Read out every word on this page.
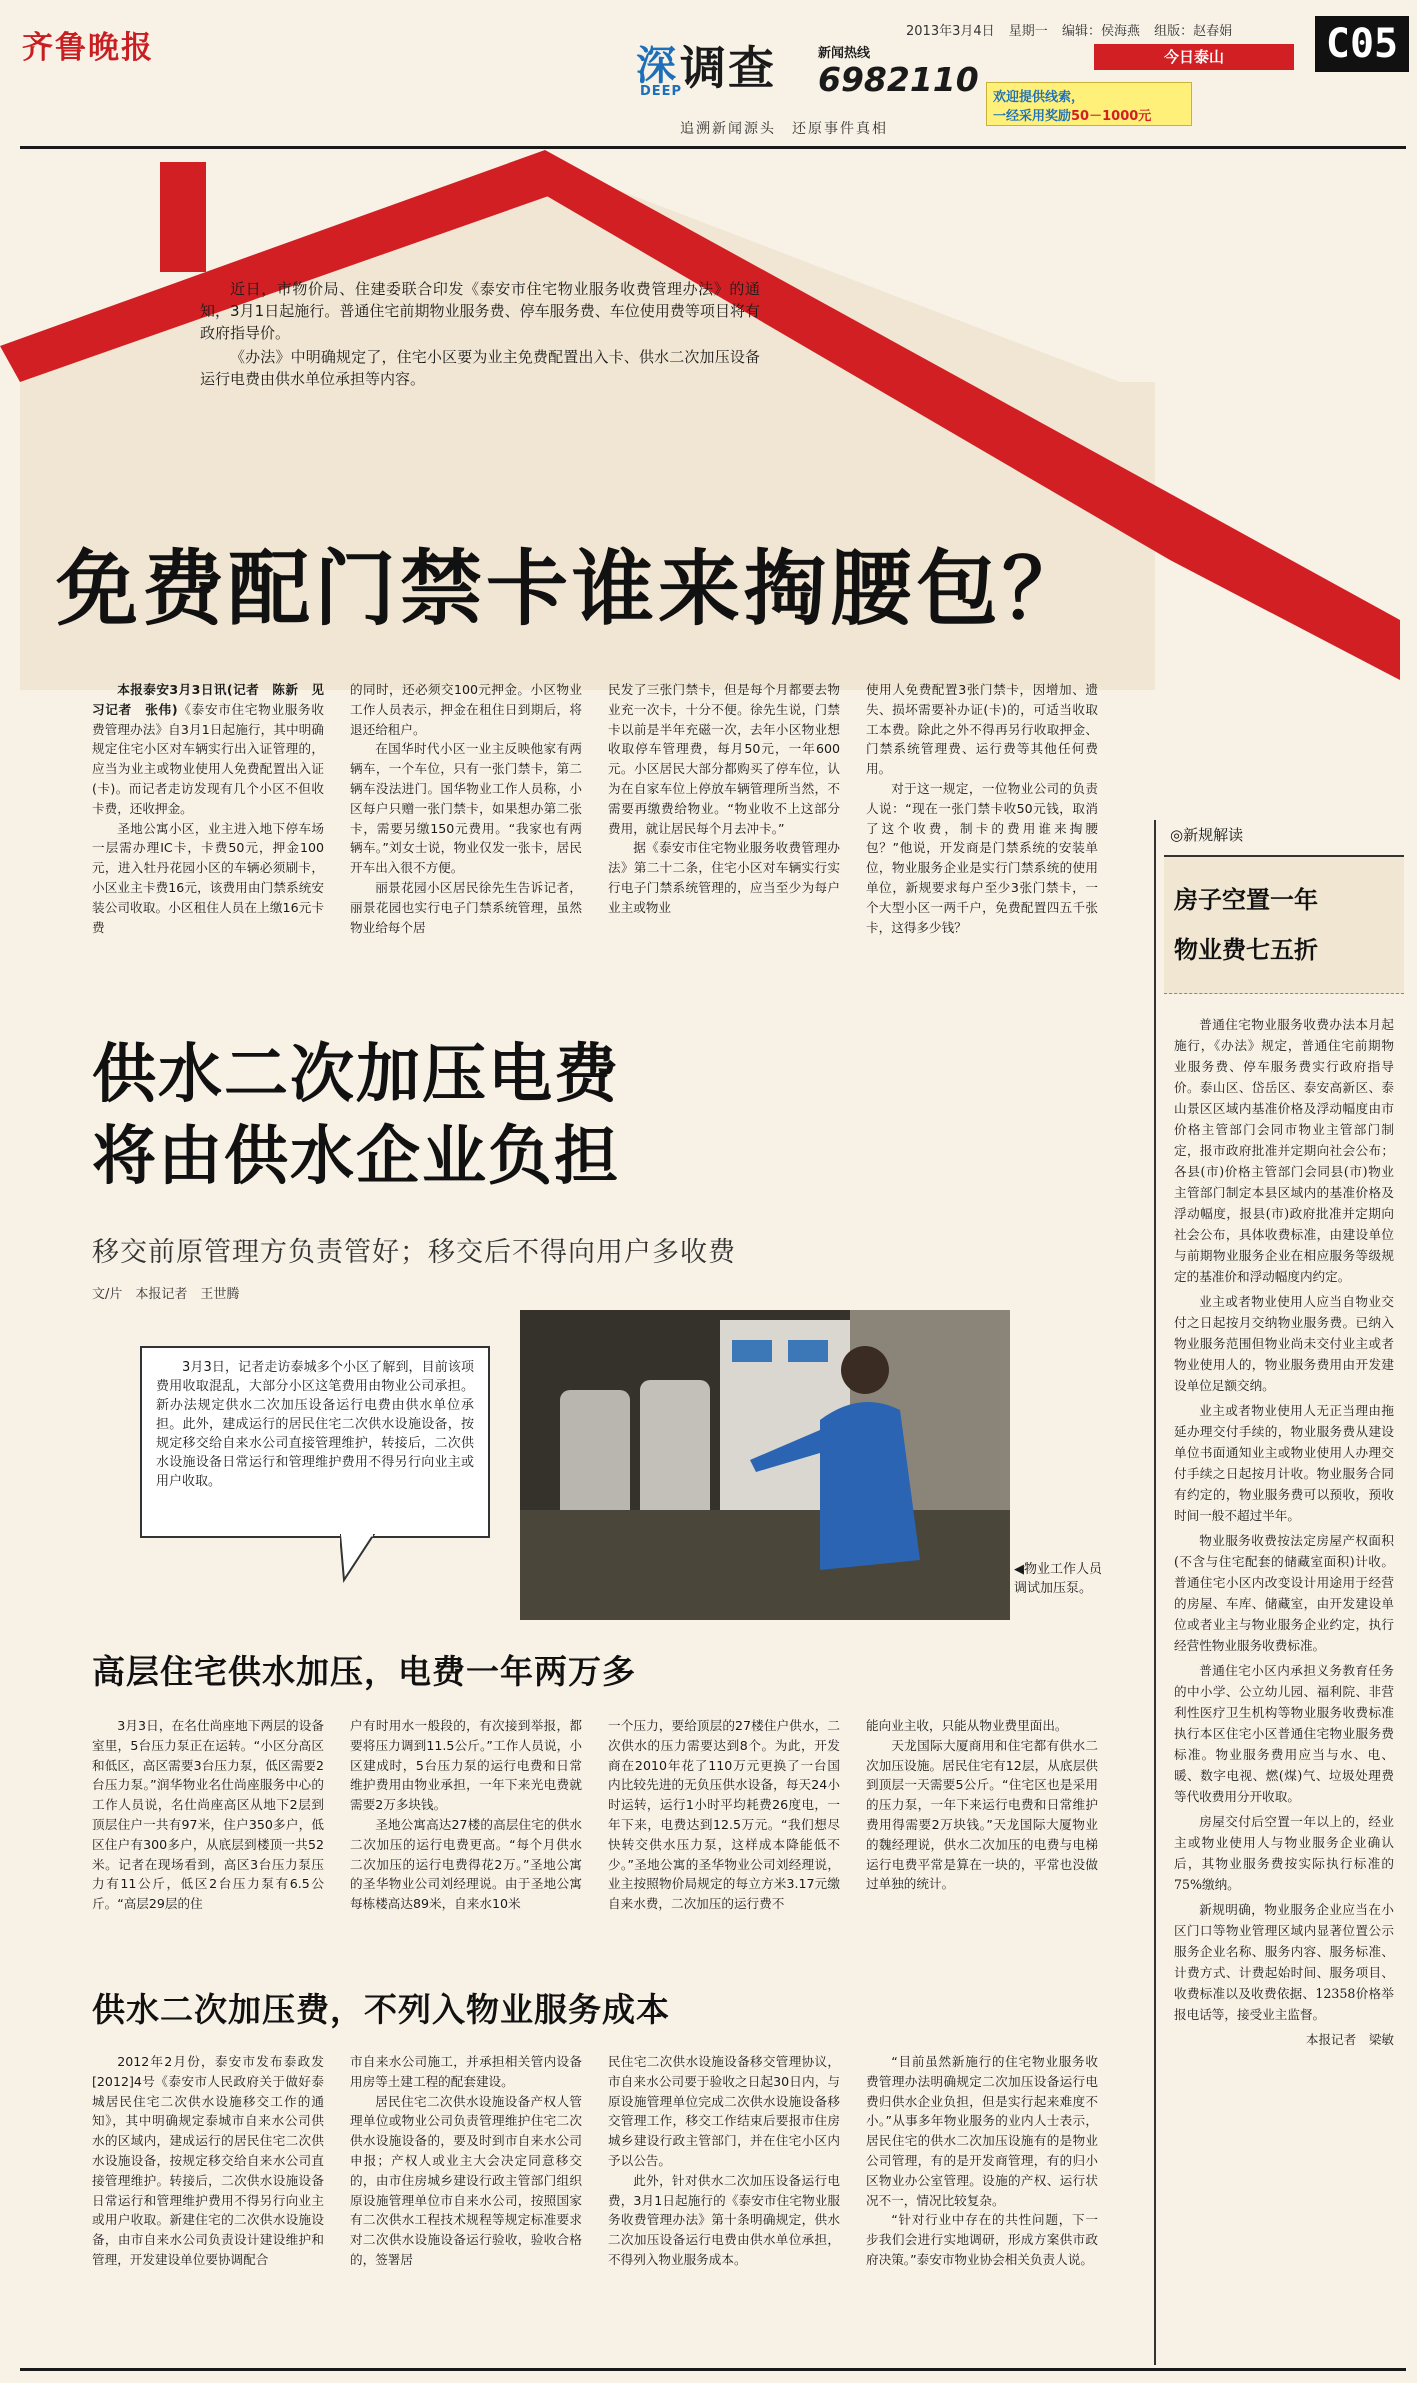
齐鲁晚报	深
DEEP
调查	新闻热线
6982110
追溯新闻源头　还原事件真相
欢迎提供线索，
一经采用奖励50－1000元
2013年3月4日 星期一 编辑：侯海燕 组版：赵春娟
今日泰山	C05

近日，市物价局、住建委联合印发《泰安市住宅物业服务收费管理办法》的通知，3月1日起施行。普通住宅前期物业服务费、停车服务费、车位使用费等项目将有政府指导价。

《办法》中明确规定了，住宅小区要为业主免费配置出入卡、供水二次加压设备运行电费由供水单位承担等内容。

免费配门禁卡谁来掏腰包？

本报泰安3月3日讯(记者　陈新　见习记者　张伟)《泰安市住宅物业服务收费管理办法》自3月1日起施行，其中明确规定住宅小区对车辆实行出入证管理的，应当为业主或物业使用人免费配置出入证(卡)。而记者走访发现有几个小区不但收卡费，还收押金。

圣地公寓小区，业主进入地下停车场一层需办理IC卡，卡费50元，押金100元，进入牡丹花园小区的车辆必须刷卡，小区业主卡费16元，该费用由门禁系统安装公司收取。小区租住人员在上缴16元卡费

的同时，还必须交100元押金。小区物业工作人员表示，押金在租住日到期后，将退还给租户。

在国华时代小区一业主反映他家有两辆车，一个车位，只有一张门禁卡，第二辆车没法进门。国华物业工作人员称，小区每户只赠一张门禁卡，如果想办第二张卡，需要另缴150元费用。“我家也有两辆车。”刘女士说，物业仅发一张卡，居民开车出入很不方便。

丽景花园小区居民徐先生告诉记者，丽景花园也实行电子门禁系统管理，虽然物业给每个居

民发了三张门禁卡，但是每个月都要去物业充一次卡，十分不便。徐先生说，门禁卡以前是半年充磁一次，去年小区物业想收取停车管理费，每月50元，一年600元。小区居民大部分都购买了停车位，认为在自家车位上停放车辆管理所当然，不需要再缴费给物业。“物业收不上这部分费用，就让居民每个月去冲卡。”

据《泰安市住宅物业服务收费管理办法》第二十二条，住宅小区对车辆实行实行电子门禁系统管理的，应当至少为每户业主或物业

使用人免费配置3张门禁卡，因增加、遗失、损坏需要补办证(卡)的，可适当收取工本费。除此之外不得再另行收取押金、门禁系统管理费、运行费等其他任何费用。

对于这一规定，一位物业公司的负责人说：“现在一张门禁卡收50元钱，取消了这个收费，制卡的费用谁来掏腰包？”他说，开发商是门禁系统的安装单位，物业服务企业是实行门禁系统的使用单位，新规要求每户至少3张门禁卡，一个大型小区一两千户，免费配置四五千张卡，这得多少钱？

供水二次加压电费
将由供水企业负担
移交前原管理方负责管好；移交后不得向用户多收费
文/片　本报记者　王世腾
3月3日，记者走访泰城多个小区了解到，目前该项费用收取混乱，大部分小区这笔费用由物业公司承担。新办法规定供水二次加压设备运行电费由供水单位承担。此外，建成运行的居民住宅二次供水设施设备，按规定移交给自来水公司直接管理维护，转接后，二次供水设施设备日常运行和管理维护费用不得另行向业主或用户收取。
◀物业工作人员调试加压泵。
高层住宅供水加压，电费一年两万多

3月3日，在名仕尚座地下两层的设备室里，5台压力泵正在运转。“小区分高区和低区，高区需要3台压力泵，低区需要2台压力泵。”润华物业名仕尚座服务中心的工作人员说，名仕尚座高区从地下2层到顶层住户一共有97米，住户350多户，低区住户有300多户，从底层到楼顶一共52米。记者在现场看到，高区3台压力泵压力有11公斤，低区2台压力泵有6.5公斤。“高层29层的住

户有时用水一般段的，有次接到举报，都要将压力调到11.5公斤。”工作人员说，小区建成时，5台压力泵的运行电费和日常维护费用由物业承担，一年下来光电费就需要2万多块钱。

圣地公寓高达27楼的高层住宅的供水二次加压的运行电费更高。“每个月供水二次加压的运行电费得花2万。”圣地公寓的圣华物业公司刘经理说。由于圣地公寓每栋楼高达89米，自来水10米

一个压力，要给顶层的27楼住户供水，二次供水的压力需要达到8个。为此，开发商在2010年花了110万元更换了一台国内比较先进的无负压供水设备，每天24小时运转，运行1小时平均耗费26度电，一年下来，电费达到12.5万元。“我们想尽快转交供水压力泵，这样成本降能低不少。”圣地公寓的圣华物业公司刘经理说，业主按照物价局规定的每立方米3.17元缴自来水费，二次加压的运行费不

能向业主收，只能从物业费里面出。

天龙国际大厦商用和住宅都有供水二次加压设施。居民住宅有12层，从底层供到顶层一天需要5公斤。“住宅区也是采用的压力泵，一年下来运行电费和日常维护费用得需要2万块钱。”天龙国际大厦物业的魏经理说，供水二次加压的电费与电梯运行电费平常是算在一块的，平常也没做过单独的统计。

供水二次加压费，不列入物业服务成本

2012年2月份，泰安市发布泰政发[2012]4号《泰安市人民政府关于做好泰城居民住宅二次供水设施移交工作的通知》，其中明确规定泰城市自来水公司供水的区域内，建成运行的居民住宅二次供水设施设备，按规定移交给自来水公司直接管理维护。转接后，二次供水设施设备日常运行和管理维护费用不得另行向业主或用户收取。新建住宅的二次供水设施设备，由市自来水公司负责设计建设维护和管理，开发建设单位要协调配合

市自来水公司施工，并承担相关管内设备用房等土建工程的配套建设。

居民住宅二次供水设施设备产权人管理单位或物业公司负责管理维护住宅二次供水设施设备的，要及时到市自来水公司申报；产权人或业主大会决定同意移交的，由市住房城乡建设行政主管部门组织原设施管理单位市自来水公司，按照国家有二次供水工程技术规程等规定标准要求对二次供水设施设备运行验收，验收合格的，签署居

民住宅二次供水设施设备移交管理协议，市自来水公司要于验收之日起30日内，与原设施管理单位完成二次供水设施设备移交管理工作，移交工作结束后要报市住房城乡建设行政主管部门，并在住宅小区内予以公告。

此外，针对供水二次加压设备运行电费，3月1日起施行的《泰安市住宅物业服务收费管理办法》第十条明确规定，供水二次加压设备运行电费由供水单位承担，不得列入物业服务成本。

“目前虽然新施行的住宅物业服务收费管理办法明确规定二次加压设备运行电费归供水企业负担，但是实行起来难度不小。”从事多年物业服务的业内人士表示，居民住宅的供水二次加压设施有的是物业公司管理，有的是开发商管理，有的归小区物业办公室管理。设施的产权、运行状况不一，情况比较复杂。

“针对行业中存在的共性问题，下一步我们会进行实地调研，形成方案供市政府决策。”泰安市物业协会相关负责人说。

◎新规解读
房子空置一年
物业费七五折

普通住宅物业服务收费办法本月起施行，《办法》规定，普通住宅前期物业服务费、停车服务费实行政府指导价。泰山区、岱岳区、泰安高新区、泰山景区区域内基准价格及浮动幅度由市价格主管部门会同市物业主管部门制定，报市政府批准并定期向社会公布；各县(市)价格主管部门会同县(市)物业主管部门制定本县区域内的基准价格及浮动幅度，报县(市)政府批准并定期向社会公布，具体收费标准，由建设单位与前期物业服务企业在相应服务等级规定的基准价和浮动幅度内约定。

业主或者物业使用人应当自物业交付之日起按月交纳物业服务费。已纳入物业服务范围但物业尚未交付业主或者物业使用人的，物业服务费用由开发建设单位足额交纳。

业主或者物业使用人无正当理由拖延办理交付手续的，物业服务费从建设单位书面通知业主或物业使用人办理交付手续之日起按月计收。物业服务合同有约定的，物业服务费可以预收，预收时间一般不超过半年。

物业服务收费按法定房屋产权面积(不含与住宅配套的储藏室面积)计收。普通住宅小区内改变设计用途用于经营的房屋、车库、储藏室，由开发建设单位或者业主与物业服务企业约定，执行经营性物业服务收费标准。

普通住宅小区内承担义务教育任务的中小学、公立幼儿园、福利院、非营利性医疗卫生机构等物业服务收费标准执行本区住宅小区普通住宅物业服务费标准。物业服务费用应当与水、电、暖、数字电视、燃(煤)气、垃圾处理费等代收费用分开收取。

房屋交付后空置一年以上的，经业主或物业使用人与物业服务企业确认后，其物业服务费按实际执行标准的75%缴纳。

新规明确，物业服务企业应当在小区门口等物业管理区域内显著位置公示服务企业名称、服务内容、服务标准、计费方式、计费起始时间、服务项目、收费标准以及收费依据、12358价格举报电话等，接受业主监督。

本报记者　梁敏
